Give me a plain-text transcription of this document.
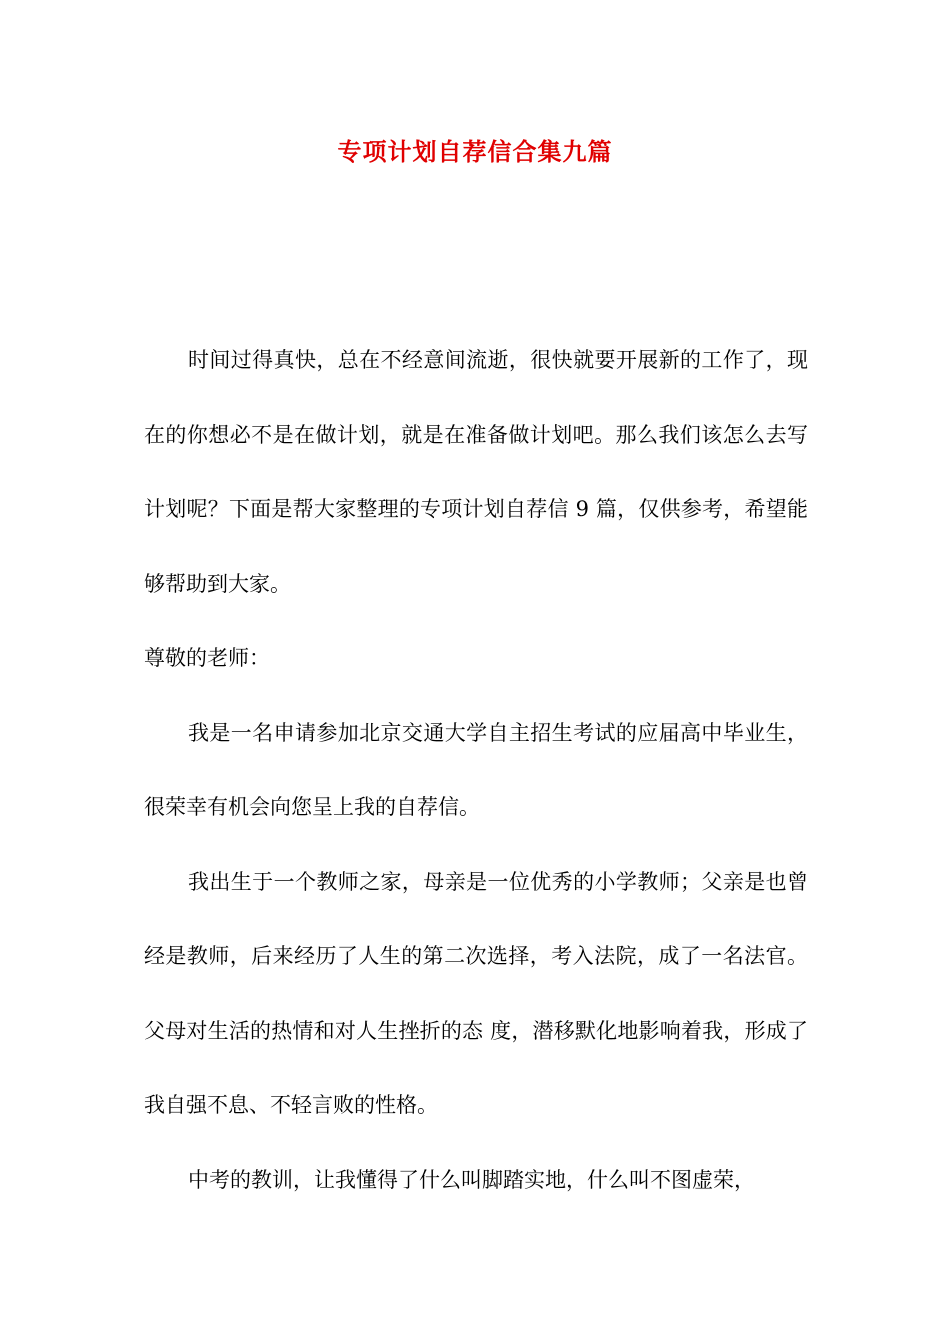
专项计划自荐信合集九篇

时间过得真快，总在不经意间流逝，很快就要开展新的工作了，现在的你想必不是在做计划，就是在准备做计划吧。那么我们该怎么去写计划呢？下面是帮大家整理的专项计划自荐信 9 篇，仅供参考，希望能够帮助到大家。

尊敬的老师：

我是一名申请参加北京交通大学自主招生考试的应届高中毕业生，很荣幸有机会向您呈上我的自荐信。

我出生于一个教师之家，母亲是一位优秀的小学教师；父亲是也曾经是教师，后来经历了人生的第二次选择，考入法院，成了一名法官。父母对生活的热情和对人生挫折的态 度，潜移默化地影响着我，形成了我自强不息、不轻言败的性格。

中考的教训，让我懂得了什么叫脚踏实地，什么叫不图虚荣，
